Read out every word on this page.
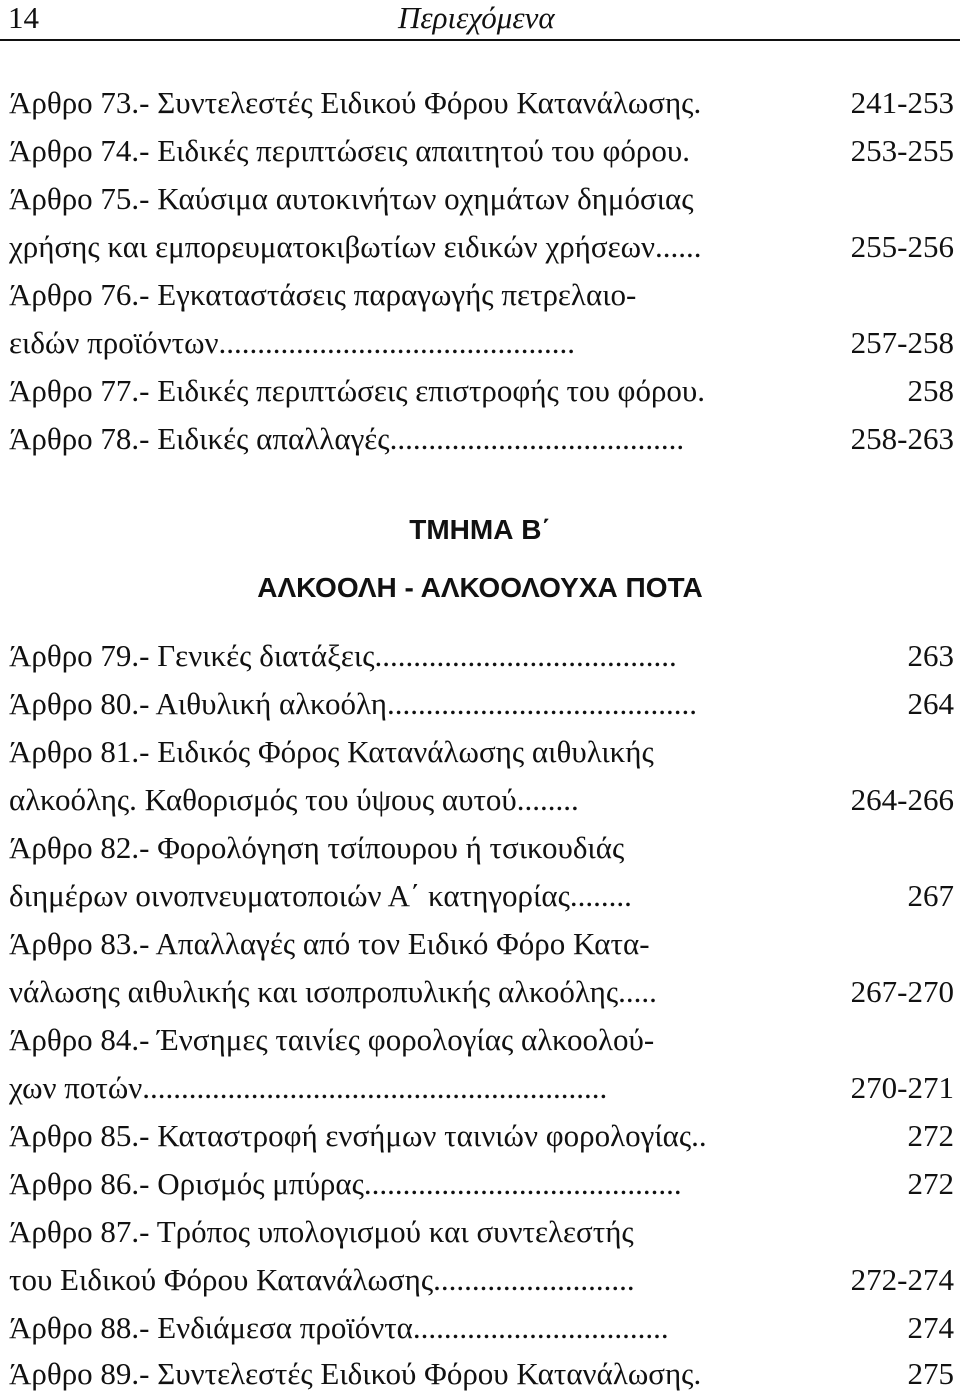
14	Περιεχόμενα
Άρθρο 73.- Συντελεστές Ειδικού Φόρου Κατανάλωσης.	241-253
Άρθρο 74.- Ειδικές περιπτώσεις απαιτητού του φόρου.	253-255
Άρθρο 75.- Καύσιμα αυτοκινήτων οχημάτων δημόσιας
χρήσης και εμπορευματοκιβωτίων ειδικών χρήσεων......	255-256
Άρθρο 76.- Εγκαταστάσεις παραγωγής πετρελαιο-
ειδών προϊόντων..............................................	257-258
Άρθρο 77.- Ειδικές περιπτώσεις επιστροφής του φόρου.	258
Άρθρο 78.- Ειδικές απαλλαγές......................................	258-263
ΤΜΗΜΑ Β΄
ΑΛΚΟΟΛΗ - ΑΛΚΟΟΛΟΥΧΑ ΠΟΤΑ
Άρθρο 79.- Γενικές διατάξεις.......................................	263
Άρθρο 80.- Αιθυλική αλκοόλη........................................	264
Άρθρο 81.- Ειδικός Φόρος Κατανάλωσης αιθυλικής
αλκοόλης. Καθορισμός του ύψους αυτού........	264-266
Άρθρο 82.- Φορολόγηση τσίπουρου ή τσικουδιάς
διημέρων οινοπνευματοποιών Α΄ κατηγορίας........	267
Άρθρο 83.- Απαλλαγές από τον Ειδικό Φόρο Κατα-
νάλωσης αιθυλικής και ισοπροπυλικής αλκοόλης.....	267-270
Άρθρο 84.- Ένσημες ταινίες φορολογίας αλκοολού-
χων ποτών............................................................	270-271
Άρθρο 85.- Καταστροφή ενσήμων ταινιών φορολογίας..	272
Άρθρο 86.- Ορισμός μπύρας.........................................	272
Άρθρο 87.- Τρόπος υπολογισμού και συντελεστής
του Ειδικού Φόρου Κατανάλωσης..........................	272-274
Άρθρο 88.- Ενδιάμεσα προϊόντα.................................	274
Άρθρο 89.- Συντελεστές Ειδικού Φόρου Κατανάλωσης.	275
